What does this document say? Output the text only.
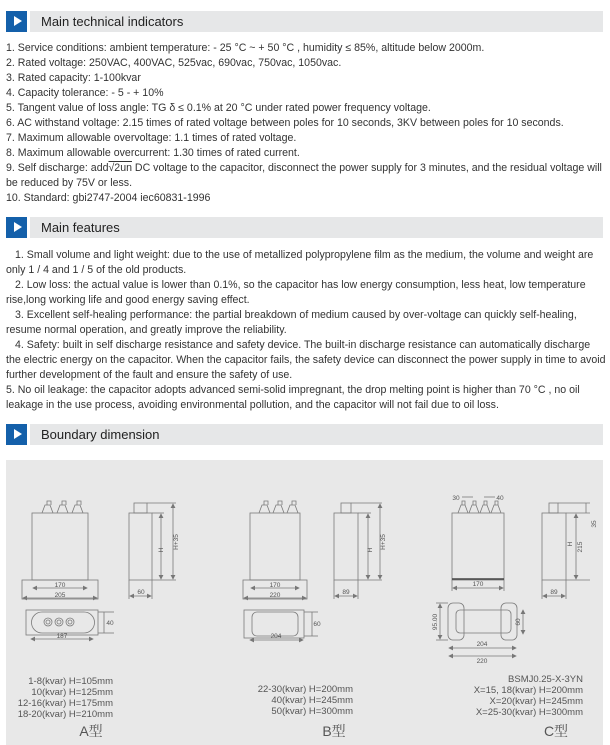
Main technical indicators

1. Service conditions: ambient temperature: - 25 °C ~ + 50 °C , humidity ≤ 85%, altitude below 2000m.

2. Rated voltage: 250VAC, 400VAC, 525vac, 690vac, 750vac, 1050vac.

3. Rated capacity: 1-100kvar

4. Capacity tolerance: - 5 - + 10%

5. Tangent value of loss angle: TG δ ≤ 0.1% at 20 °C under rated power frequency voltage.

6. AC withstand voltage: 2.15 times of rated voltage between poles for 10 seconds, 3KV between poles for 10 seconds.

7. Maximum allowable overvoltage: 1.1 times of rated voltage.

8. Maximum allowable overcurrent: 1.30 times of rated current.

9. Self discharge: add√2un DC voltage to the capacitor, disconnect the power supply for 3 minutes, and the residual voltage will be reduced by 75V or less.

10. Standard: gbi2747-2004 iec60831-1996

Main features

1. Small volume and light weight: due to the use of metallized polypropylene film as the medium, the volume and weight are only 1 / 4 and 1 / 5 of the old products.

2. Low loss: the actual value is lower than 0.1%, so the capacitor has low energy consumption, less heat, low temperature rise,long working life and good energy saving effect.

3. Excellent self-healing performance: the partial breakdown of medium caused by over-voltage can quickly self-healing, resume normal operation, and greatly improve the reliability.

4. Safety: built in self discharge resistance and safety device. The built-in discharge resistance can automatically discharge the electric energy on the capacitor. When the capacitor fails, the safety device can disconnect the power supply in time to avoid further development of the fault and ensure the safety of use.

5. No oil leakage: the capacitor adopts advanced semi-solid impregnant, the drop melting point is higher than 70 °C , no oil leakage in the use process, avoiding environmental pollution, and the capacitor will not fail due to oil loss.

Boundary dimension
170
205	60
H
H+35
187
40
170
220	89
H
H+35
204
60
30	40
170
89
H 215
35
95.00	60
204
220
1-8(kvar) H=105mm
10(kvar) H=125mm
12-16(kvar) H=175mm
18-20(kvar) H=210mm
22-30(kvar) H=200mm
40(kvar) H=245mm
50(kvar) H=300mm
BSMJ0.25-X-3YN
X=15, 18(kvar) H=200mm
X=20(kvar) H=245mm
X=25-30(kvar) H=300mm
A型	B型	C型
